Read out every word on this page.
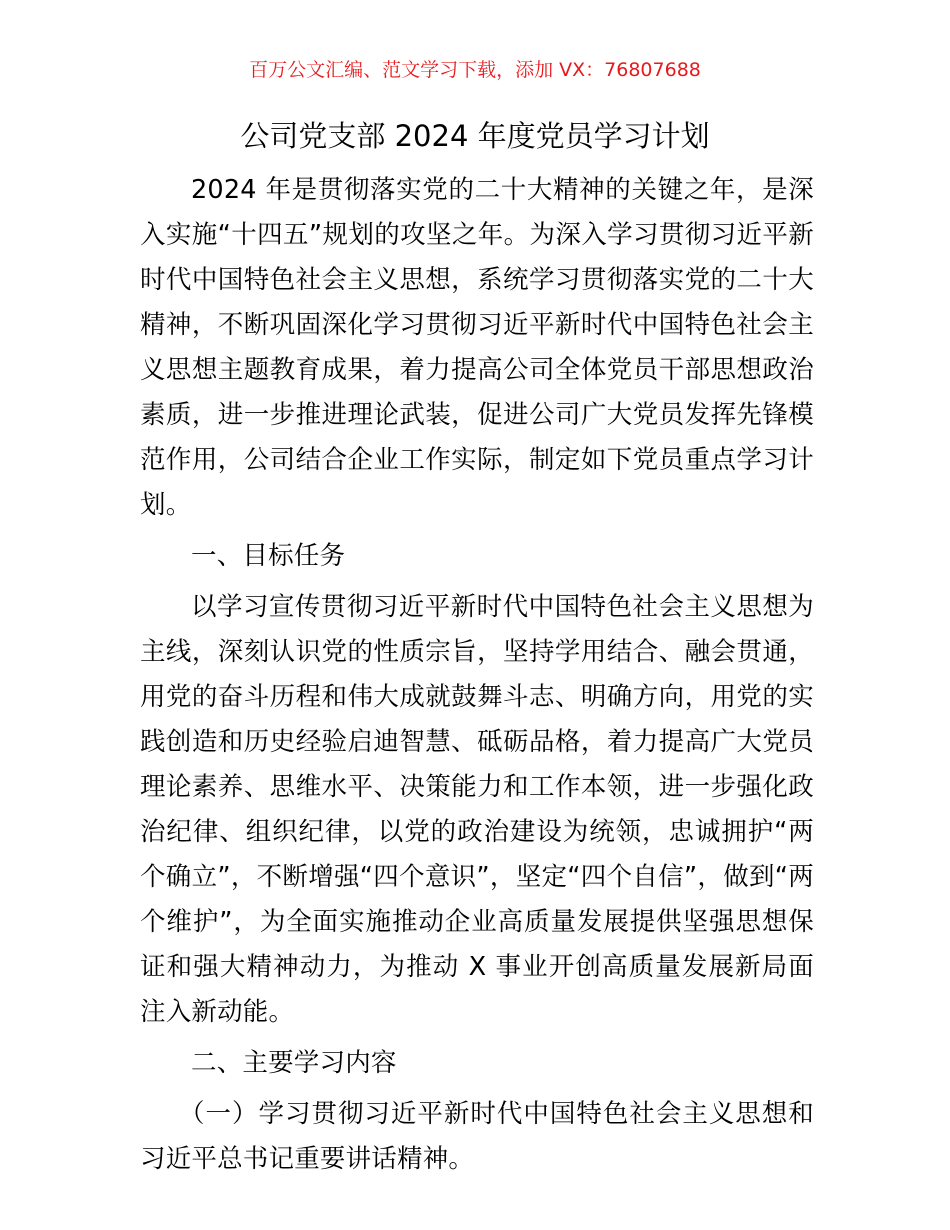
百万公文汇编、范文学习下载，添加 VX：76807688
公司党支部 2024 年度党员学习计划

2024 年是贯彻落实党的二十大精神的关键之年，是深入实施“十四五”规划的攻坚之年。为深入学习贯彻习近平新时代中国特色社会主义思想，系统学习贯彻落实党的二十大精神，不断巩固深化学习贯彻习近平新时代中国特色社会主义思想主题教育成果，着力提高公司全体党员干部思想政治素质，进一步推进理论武装，促进公司广大党员发挥先锋模范作用，公司结合企业工作实际，制定如下党员重点学习计划。

一、目标任务

以学习宣传贯彻习近平新时代中国特色社会主义思想为主线，深刻认识党的性质宗旨，坚持学用结合、融会贯通，用党的奋斗历程和伟大成就鼓舞斗志、明确方向，用党的实践创造和历史经验启迪智慧、砥砺品格，着力提高广大党员理论素养、思维水平、决策能力和工作本领，进一步强化政治纪律、组织纪律，以党的政治建设为统领，忠诚拥护“两个确立”，不断增强“四个意识”，坚定“四个自信”，做到“两个维护”，为全面实施推动企业高质量发展提供坚强思想保证和强大精神动力，为推动 X 事业开创高质量发展新局面注入新动能。

二、主要学习内容

（一）学习贯彻习近平新时代中国特色社会主义思想和习近平总书记重要讲话精神。
